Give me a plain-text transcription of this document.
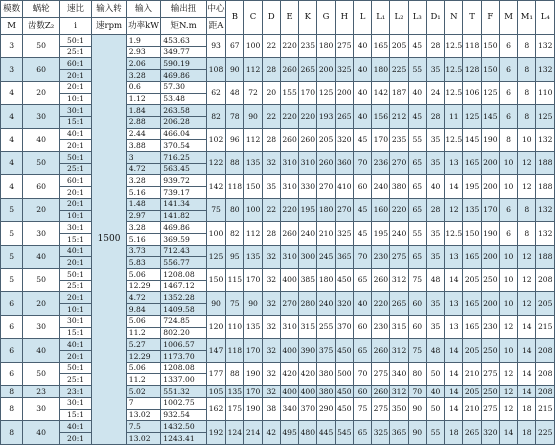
模数	蜗轮	速比	输入转	输入	输出扭	中心	B	C	D	E	K	G	H	L	L₁	L₂	L₃	D₁	N	T	F	M	M₁	L₄
M	齿数Z₂	i	速rpm	功率kW	矩N.m	距A																		
3	50	50:1	1500	1.9	453.63	93	67	100	22	220	235	180	275	40	165	205	45	28	12.5	118	150	6	8	132
		25:1		2.93	349.77																			
3	60	60:1		2.06	590.19	108	90	112	28	260	265	200	325	40	180	225	55	35	12.5	128	150	6	8	132
		20:1		3.28	469.86																			
4	20	20:1		0.6	57.30	62	48	72	20	155	170	125	200	40	142	187	40	24	12.5	106	125	6	8	110
		10:1		1.12	53.48																			
4	30	30:1		1.84	263.58	82	78	90	22	220	220	193	265	40	156	212	45	28	11	125	145	6	8	125
		15:1		2.88	206.28																			
4	40	40:1		2.44	466.04	102	96	112	28	260	260	205	320	45	170	235	55	35	12.5	145	190	8	10	132
		20:1		3.88	370.54																			
4	50	50:1		3	716.25	122	88	135	32	310	310	260	360	70	236	270	65	35	13	165	200	10	12	188
		25:1		4.72	563.45																			
4	60	60:1		3.28	939.72	142	118	150	35	310	330	270	410	60	240	380	65	40	14	195	200	10	12	188
		20:1		5.16	739.17																			
5	20	20:1		1.48	141.34	75	80	100	22	220	195	180	270	45	160	220	65	28	12	135	170	6	8	132
		10:1		2.97	141.82																			
5	30	30:1		3.28	469.86	100	82	112	28	260	240	210	325	45	195	240	55	35	12.5	150	190	6	8	132
		15:1		5.16	369.59																			
5	40	40:1		3.73	712.43	125	95	135	32	310	300	245	365	70	230	275	65	35	13	165	200	10	12	188
		20:1		5.83	556.77																			
5	50	50:1		5.06	1208.08	150	115	170	32	400	385	180	450	65	260	312	75	48	14	205	250	10	12	208
		25:1		12.29	1467.12																			
6	20	20:1		4.72	1352.28	90	75	90	32	270	280	240	320	40	220	265	60	35	13	165	200	10	12	205
		10:1		9.84	1409.58																			
6	30	30:1		5.06	724.85	120	110	135	32	310	315	255	370	60	230	315	60	35	13	165	230	12	14	215
		15:1		11.2	802.20																			
6	40	40:1		5.27	1006.57	147	118	170	32	400	390	375	450	65	260	312	75	48	14	205	250	10	14	208
		20:1		12.29	1173.70																			
6	50	50:1		5.06	1208.08	177	88	190	32	420	420	380	500	70	275	340	80	50	14	210	275	12	14	208
		25:1		11.2	1337.00																			
8	23	23:1		5.02	551.32	105	135	170	32	400	400	380	450	60	260	312	70	40	14	205	250	12	14	208
8	30	30:1		7	1002.75	162	175	190	38	340	370	290	450	75	275	350	90	50	14	210	275	12	18	215
		15:1		13.02	932.54																			
8	40	40:1		7.5	1432.50	192	124	214	42	495	480	445	545	65	325	365	90	55	18	265	320	14	18	225
		20:1		13.02	1243.41																			
